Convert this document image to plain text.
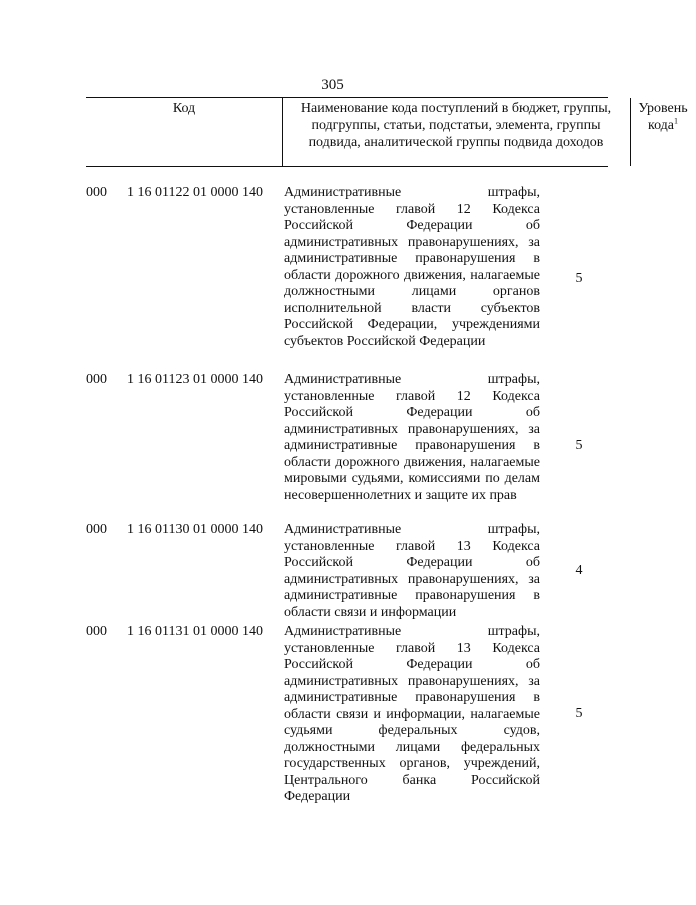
305
Код	Наименование кода поступлений в бюджет, группы, подгруппы, статьи, подстатьи, элемента, группы подвида, аналитической группы подвида доходов
Уровень кода$^1$
000 1 16 01122 01 0000 140 Административные штрафы, установленные главой 12 Кодекса Российской Федерации об административных правонарушениях, за административные правонарушения в области дорожного движения, налагаемые должностными лицами органов исполнительной власти субъектов Российской Федерации, учреждениями субъектов Российской Федерации
5
000 1 16 01123 01 0000 140 Административные штрафы, установленные главой 12 Кодекса Российской Федерации об административных правонарушениях, за административные правонарушения в области дорожного движения, налагаемые мировыми судьями, комиссиями по делам несовершеннолетних и защите их прав
5
000 1 16 01130 01 0000 140 Административные штрафы, установленные главой 13 Кодекса Российской Федерации об административных правонарушениях, за административные правонарушения в области связи и информации
4
000 1 16 01131 01 0000 140 Административные штрафы, установленные главой 13 Кодекса Российской Федерации об административных правонарушениях, за административные правонарушения в области связи и информации, налагаемые судьями федеральных судов, должностными лицами федеральных государственных органов, учреждений, Центрального банка Российской Федерации
5
